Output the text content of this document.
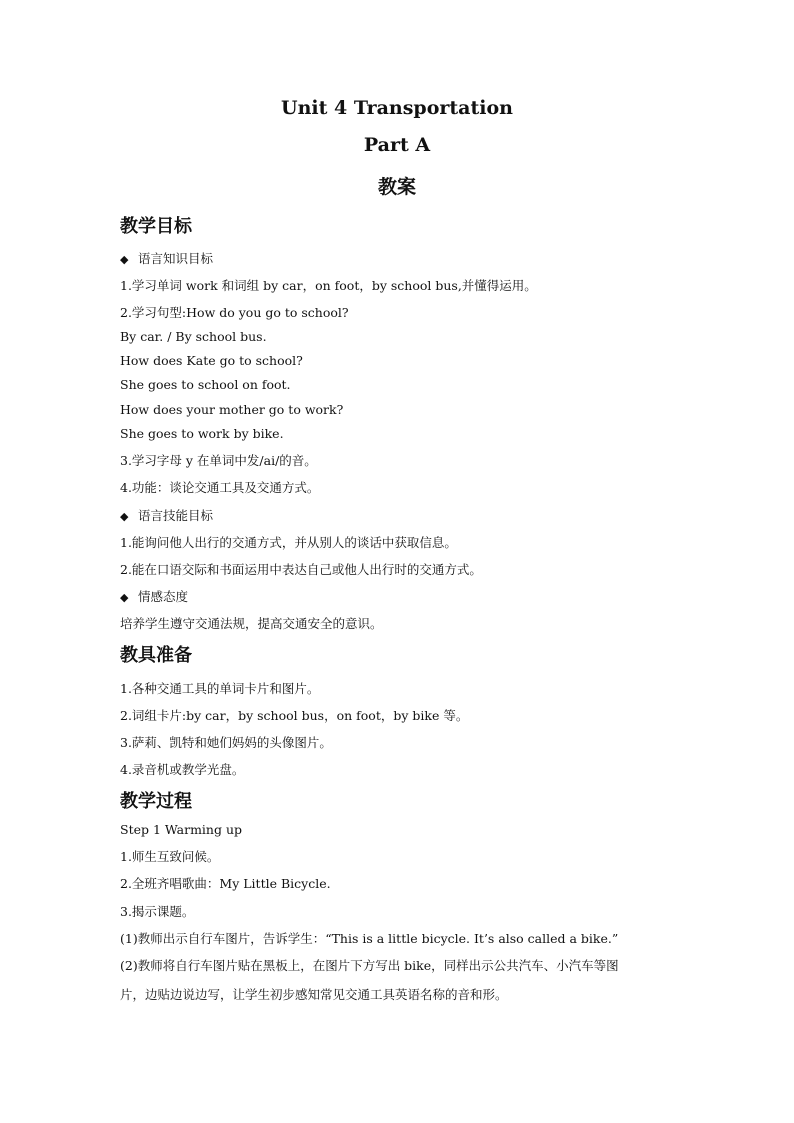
Unit 4 Transportation
Part A
教案
教学目标
◆ 语言知识目标
1.学习单词 work 和词组 by car，on foot，by school bus,并懂得运用。
2.学习句型:How do you go to school?
By car. / By school bus.
How does Kate go to school?
She goes to school on foot.
How does your mother go to work?
She goes to work by bike.
3.学习字母 y 在单词中发/ai/的音。
4.功能：谈论交通工具及交通方式。
◆ 语言技能目标
1.能询问他人出行的交通方式，并从别人的谈话中获取信息。
2.能在口语交际和书面运用中表达自己或他人出行时的交通方式。
◆ 情感态度
培养学生遵守交通法规，提高交通安全的意识。
教具准备
1.各种交通工具的单词卡片和图片。
2.词组卡片:by car，by school bus，on foot，by bike 等。
3.萨莉、凯特和她们妈妈的头像图片。
4.录音机或教学光盘。
教学过程
Step 1 Warming up
1.师生互致问候。
2.全班齐唱歌曲：My Little Bicycle.
3.揭示课题。
(1)教师出示自行车图片，告诉学生：“This is a little bicycle. It’s also called a bike.”
(2)教师将自行车图片贴在黑板上，在图片下方写出 bike，同样出示公共汽车、小汽车等图
片，边贴边说边写，让学生初步感知常见交通工具英语名称的音和形。
